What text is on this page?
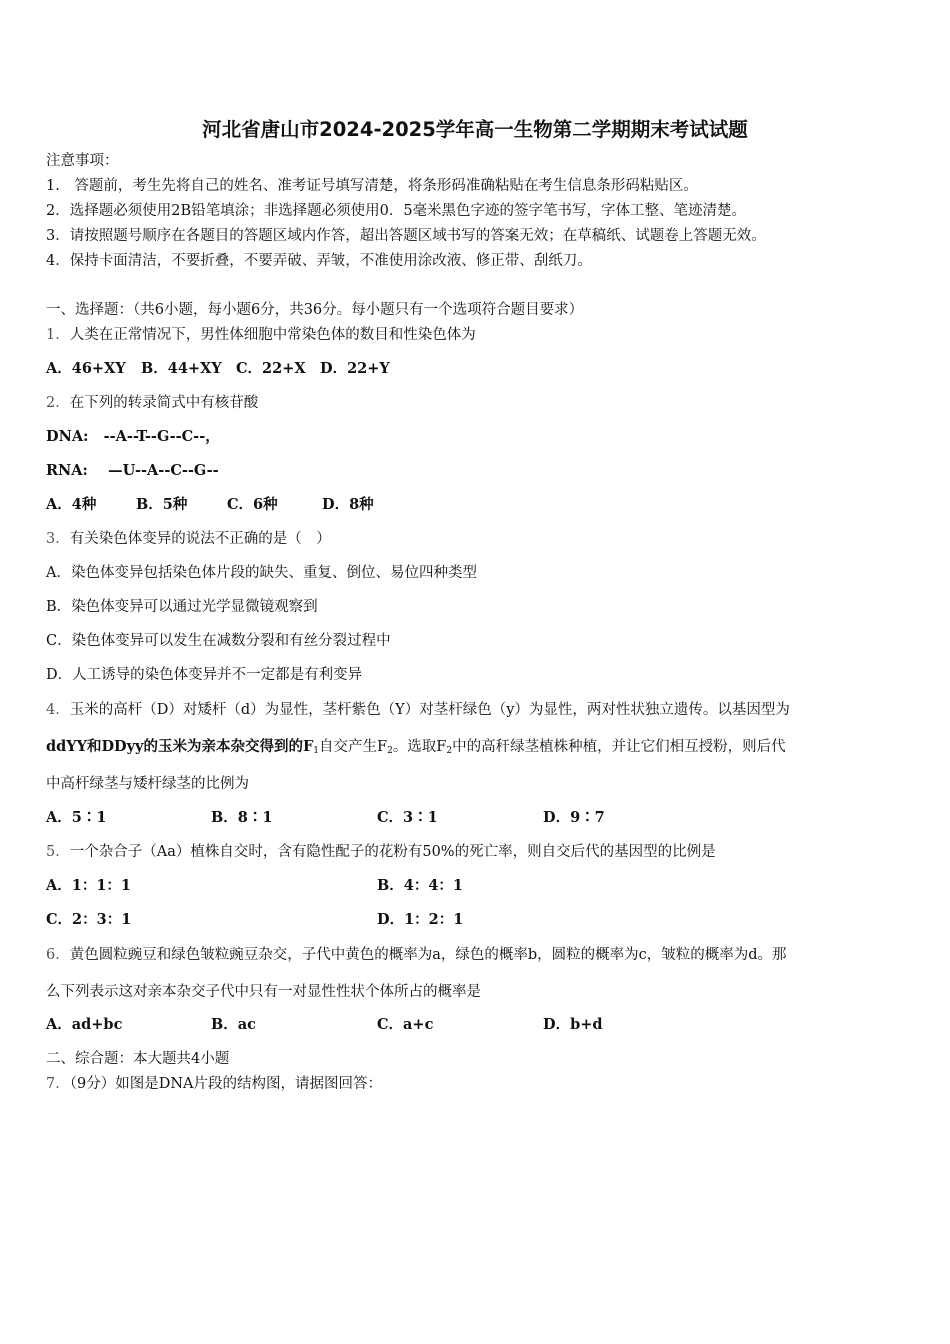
河北省唐山市2024-2025学年高一生物第二学期期末考试试题
注意事项：
1.　答题前，考生先将自己的姓名、准考证号填写清楚，将条形码准确粘贴在考生信息条形码粘贴区。
2．选择题必须使用2B铅笔填涂；非选择题必须使用0．5毫米黑色字迹的签字笔书写，字体工整、笔迹清楚。
3．请按照题号顺序在各题目的答题区域内作答，超出答题区域书写的答案无效；在草稿纸、试题卷上答题无效。
4．保持卡面清洁，不要折叠，不要弄破、弄皱，不准使用涂改液、修正带、刮纸刀。
一、选择题：（共6小题，每小题6分，共36分。每小题只有一个选项符合题目要求）
1．人类在正常情况下，男性体细胞中常染色体的数目和性染色体为
A．46+XY B．44+XY C．22+X D．22+Y
2．在下列的转录简式中有核苷酸
DNA: --A--T--G--C--，
RNA: —U--A--C--G--
A．4种	B．5种	C．6种	D．8种
3．有关染色体变异的说法不正确的是（　）
A．染色体变异包括染色体片段的缺失、重复、倒位、易位四种类型
B．染色体变异可以通过光学显微镜观察到
C．染色体变异可以发生在减数分裂和有丝分裂过程中
D．人工诱导的染色体变异并不一定都是有利变异
4．玉米的高杆（D）对矮杆（d）为显性，茎杆紫色（Y）对茎杆绿色（y）为显性，两对性状独立遗传。以基因型为
ddYY和DDyy的玉米为亲本杂交得到的$F_1$自交产生$F_2$。选取$F_2$中的高秆绿茎植株种植，并让它们相互授粉，则后代
中高杆绿茎与矮杆绿茎的比例为
A．5∶1	B．8∶1	C．3∶1	D．9∶7
5．一个杂合子（Aa）植株自交时，含有隐性配子的花粉有50%的死亡率，则自交后代的基因型的比例是
A．1：1：1	B．4：4：1
C．2：3：1	D．1：2：1
6．黄色圆粒豌豆和绿色皱粒豌豆杂交，子代中黄色的概率为a，绿色的概率b，圆粒的概率为c，皱粒的概率为d。那
么下列表示这对亲本杂交子代中只有一对显性性状个体所占的概率是
A．ad+bc	B．ac	C．a+c	D．b+d
二、综合题：本大题共4小题
7．（9分）如图是DNA片段的结构图，请据图回答：
